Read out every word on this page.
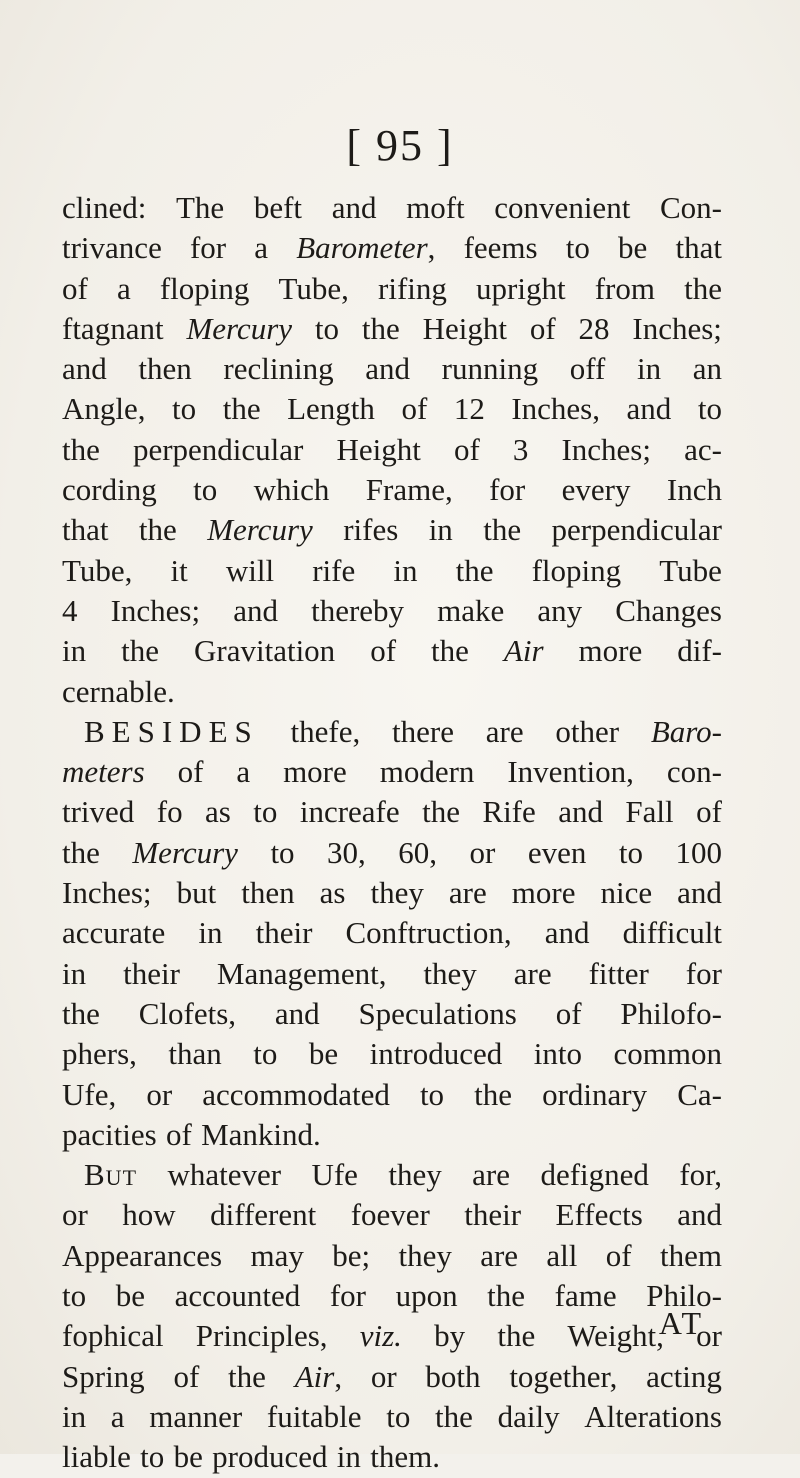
[ 95 ]
clined: The beft and moft convenient Con-
trivance for a Barometer, feems to be that
of a floping Tube, rifing upright from the
ftagnant Mercury to the Height of 28 Inches;
and then reclining and running off in an
Angle, to the Length of 12 Inches, and to
the perpendicular Height of 3 Inches; ac-
cording to which Frame, for every Inch
that the Mercury rifes in the perpendicular
Tube, it will rife in the floping Tube
4 Inches; and thereby make any Changes
in the Gravitation of the Air more dif-
cernable.
BESIDES thefe, there are other Baro-
meters of a more modern Invention, con-
trived fo as to increafe the Rife and Fall of
the Mercury to 30, 60, or even to 100
Inches; but then as they are more nice and
accurate in their Conftruction, and difficult
in their Management, they are fitter for
the Clofets, and Speculations of Philofo-
phers, than to be introduced into common
Ufe, or accommodated to the ordinary Ca-
pacities of Mankind.
But whatever Ufe they are defigned for,
or how different foever their Effects and
Appearances may be; they are all of them
to be accounted for upon the fame Philo-
fophical Principles, viz. by the Weight, or
Spring of the Air, or both together, acting
in a manner fuitable to the daily Alterations
liable to be produced in them.
AT
